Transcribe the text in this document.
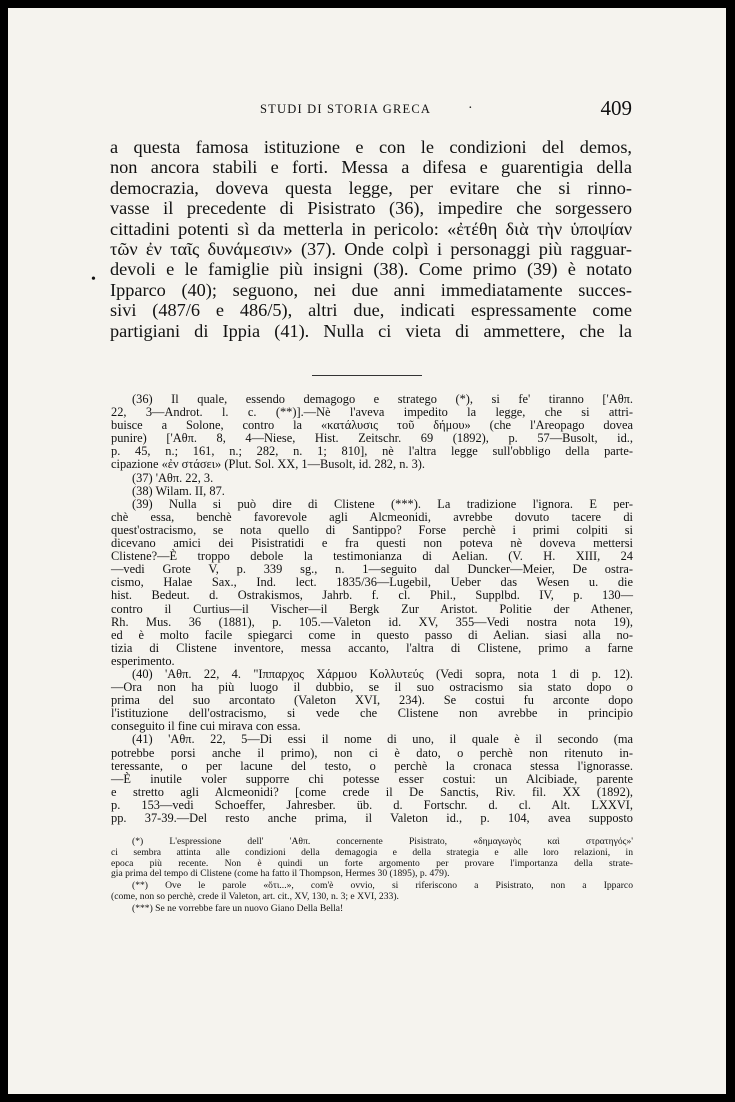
STUDI DI STORIA GRECA	409
·
•
a questa famosa istituzione e con le condizioni del demos,
non ancora stabili e forti. Messa a difesa e guarentigia della
democrazia, doveva questa legge, per evitare che si rinno-
vasse il precedente di Pisistrato (36), impedire che sorgessero
cittadini potenti sì da metterla in pericolo: «ἐτέθη διὰ τὴν ὑποψίαν
τῶν ἐν ταῖς δυνάμεσιν» (37). Onde colpì i personaggi più ragguar-
devoli e le famiglie più insigni (38). Come primo (39) è notato
Ipparco (40); seguono, nei due anni immediatamente succes-
sivi (487/6 e 486/5), altri due, indicati espressamente come
partigiani di Ippia (41). Nulla ci vieta di ammettere, che la
(36) Il quale, essendo demagogo e stratego (*), si fe' tiranno ['Αθπ.
22, 3—Androt. l. c. (**)].—Nè l'aveva impedito la legge, che si attri-
buisce a Solone, contro la «κατάλυσις τοῦ δήμου» (che l'Areopago dovea
punire) ['Αθπ. 8, 4—Niese, Hist. Zeitschr. 69 (1892), p. 57—Busolt, id.,
p. 45, n.; 161, n.; 282, n. 1; 810], nè l'altra legge sull'obbligo della parte-
cipazione «ἐν στάσει» (Plut. Sol. XX, 1—Busolt, id. 282, n. 3).
(37) 'Αθπ. 22, 3.
(38) Wilam. II, 87.
(39) Nulla si può dire di Clistene (***). La tradizione l'ignora. E per-
chè essa, benchè favorevole agli Alcmeonidi, avrebbe dovuto tacere di
quest'ostracismo, se nota quello di Santippo? Forse perchè i primi colpiti si
dicevano amici dei Pisistratidi e fra questi non poteva nè doveva mettersi
Clistene?—È troppo debole la testimonianza di Aelian. (V. H. XIII, 24
—vedi Grote V, p. 339 sg., n. 1—seguito dal Duncker—Meier, De ostra-
cismo, Halae Sax., Ind. lect. 1835/36—Lugebil, Ueber das Wesen u. die
hist. Bedeut. d. Ostrakismos, Jahrb. f. cl. Phil., Supplbd. IV, p. 130—
contro il Curtius—il Vischer—il Bergk Zur Aristot. Politie der Athener,
Rh. Mus. 36 (1881), p. 105.—Valeton id. XV, 355—Vedi nostra nota 19),
ed è molto facile spiegarci come in questo passo di Aelian. siasi alla no-
tizia di Clistene inventore, messa accanto, l'altra di Clistene, primo a farne
esperimento.
(40) 'Αθπ. 22, 4. "Ιππαρχος Χάρμου Κολλυτεύς (Vedi sopra, nota 1 di p. 12).
—Ora non ha più luogo il dubbio, se il suo ostracismo sia stato dopo o
prima del suo arcontato (Valeton XVI, 234). Se costui fu arconte dopo
l'istituzione dell'ostracismo, si vede che Clistene non avrebbe in principio
conseguito il fine cui mirava con essa.
(41) 'Αθπ. 22, 5—Di essi il nome di uno, il quale è il secondo (ma
potrebbe porsi anche il primo), non ci è dato, o perchè non ritenuto in-
teressante, o per lacune del testo, o perchè la cronaca stessa l'ignorasse.
—È inutile voler supporre chi potesse esser costui: un Alcibiade, parente
e stretto agli Alcmeonidi? [come crede il De Sanctis, Riv. fil. XX (1892),
p. 153—vedi Schoeffer, Jahresber. üb. d. Fortschr. d. cl. Alt. LXXVI,
pp. 37-39.—Del resto anche prima, il Valeton id., p. 104, avea supposto
(*) L'espressione dell' 'Αθπ. concernente Pisistrato, «δημαγωγὸς καὶ στρατηγός»'
ci sembra attinta alle condizioni della demagogia e della strategia e alle loro relazioni, in
epoca più recente. Non è quindi un forte argomento per provare l'importanza della strate-
gia prima del tempo di Clistene (come ha fatto il Thompson, Hermes 30 (1895), p. 479).
(**) Ove le parole «ὅτι...», com'è ovvio, si riferiscono a Pisistrato, non a Ipparco
(come, non so perchè, crede il Valeton, art. cit., XV, 130, n. 3; e XVI, 233).
(***) Se ne vorrebbe fare un nuovo Giano Della Bella!
